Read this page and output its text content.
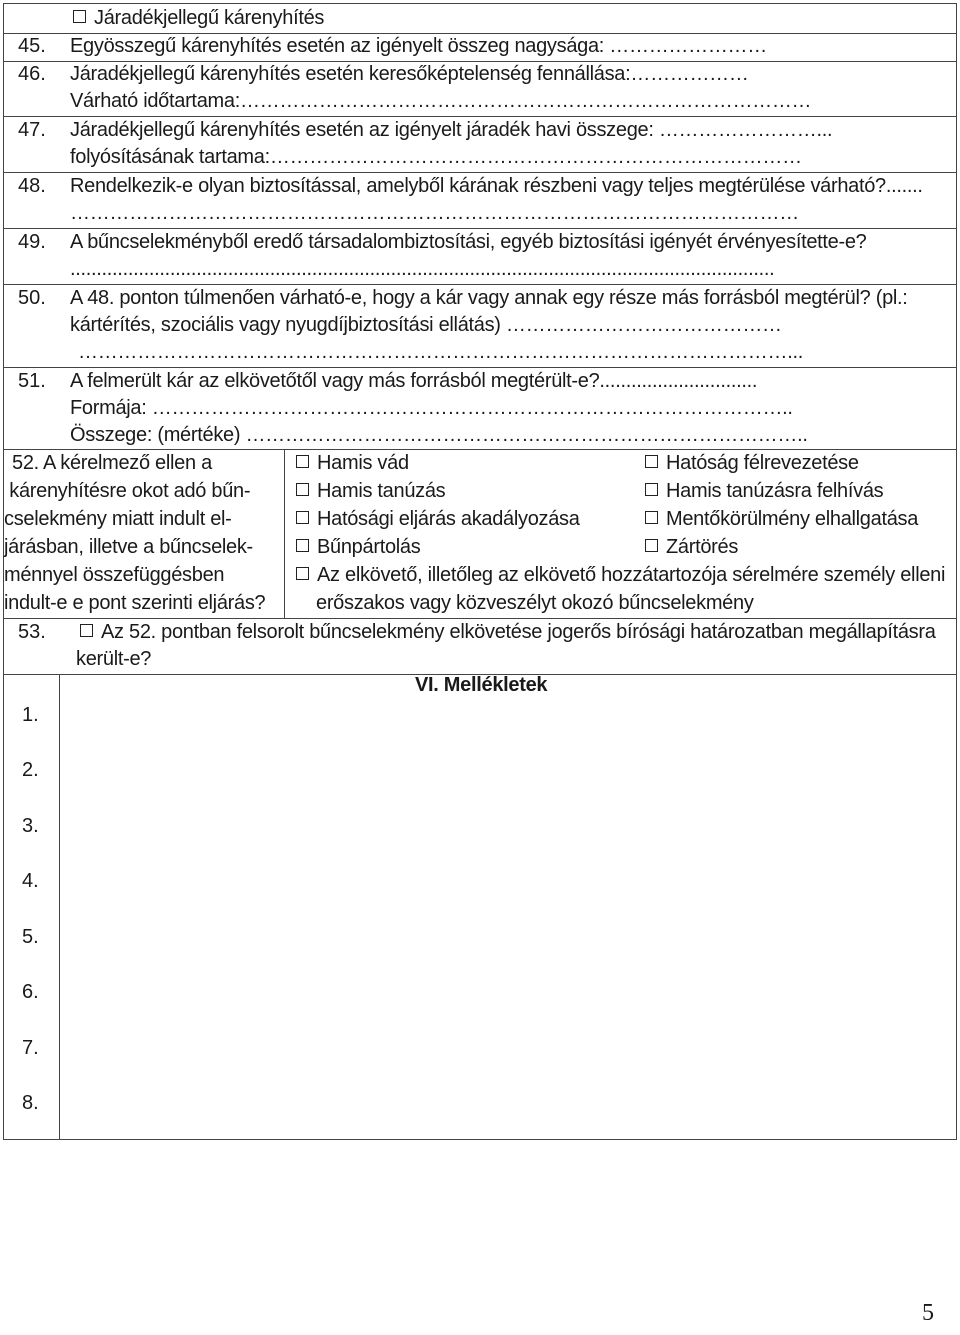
Járadékjellegű kárenyhítés
45. Egyösszegű kárenyhítés esetén az igényelt összeg nagysága: ……………………
46. Járadékjellegű kárenyhítés esetén keresőképtelenség fennállása:………………
Várható időtartama:……………………………………………………………………………
47. Járadékjellegű kárenyhítés esetén az igényelt járadék havi összege: ……………………...
folyósításának tartama:………………………………………………………………………
48. Rendelkezik-e olyan biztosítással, amelyből kárának részbeni vagy teljes megtérülése várható?.......
…………………………………………………………………………………………………
49. A bűncselekményből eredő társadalombiztosítási, egyéb biztosítási igényét érvényesítette-e?
......................................................................................................................................
50. A 48. ponton túlmenően várható-e, hogy a kár vagy annak egy része más forrásból megtérül? (pl.:
kártérítés, szociális vagy nyugdíjbiztosítási ellátás) ……………………………………
………………………………………………………………………………………………...
51. A felmerült kár az elkövetőtől vagy más forrásból megtérült-e?..............................
Formája: ……………………………………………………………………………………..
Összege: (mértéke) …………………………………………………………………………..
52. A kérelmező ellen a
kárenyhítésre okot adó bűn-
cselekmény miatt indult el-
járásban, illetve a bűncselek-
ménnyel összefüggésben
indult-e e pont szerinti eljárás?
Hamis vád
Hamis tanúzás
Hatósági eljárás akadályozása
Bűnpártolás
Hatóság félrevezetése
Hamis tanúzásra felhívás
Mentőkörülmény elhallgatása
Zártörés
Az elkövető, illetőleg az elkövető hozzátartozója sérelmére személy elleni
erőszakos vagy közveszélyt okozó bűncselekmény
53.	Az 52. pontban felsorolt bűncselekmény elkövetése jogerős bírósági határozatban megállapításra
került-e?
VI. Mellékletek
1.
2.
3.
4.
5.
6.
7.
8.
5
